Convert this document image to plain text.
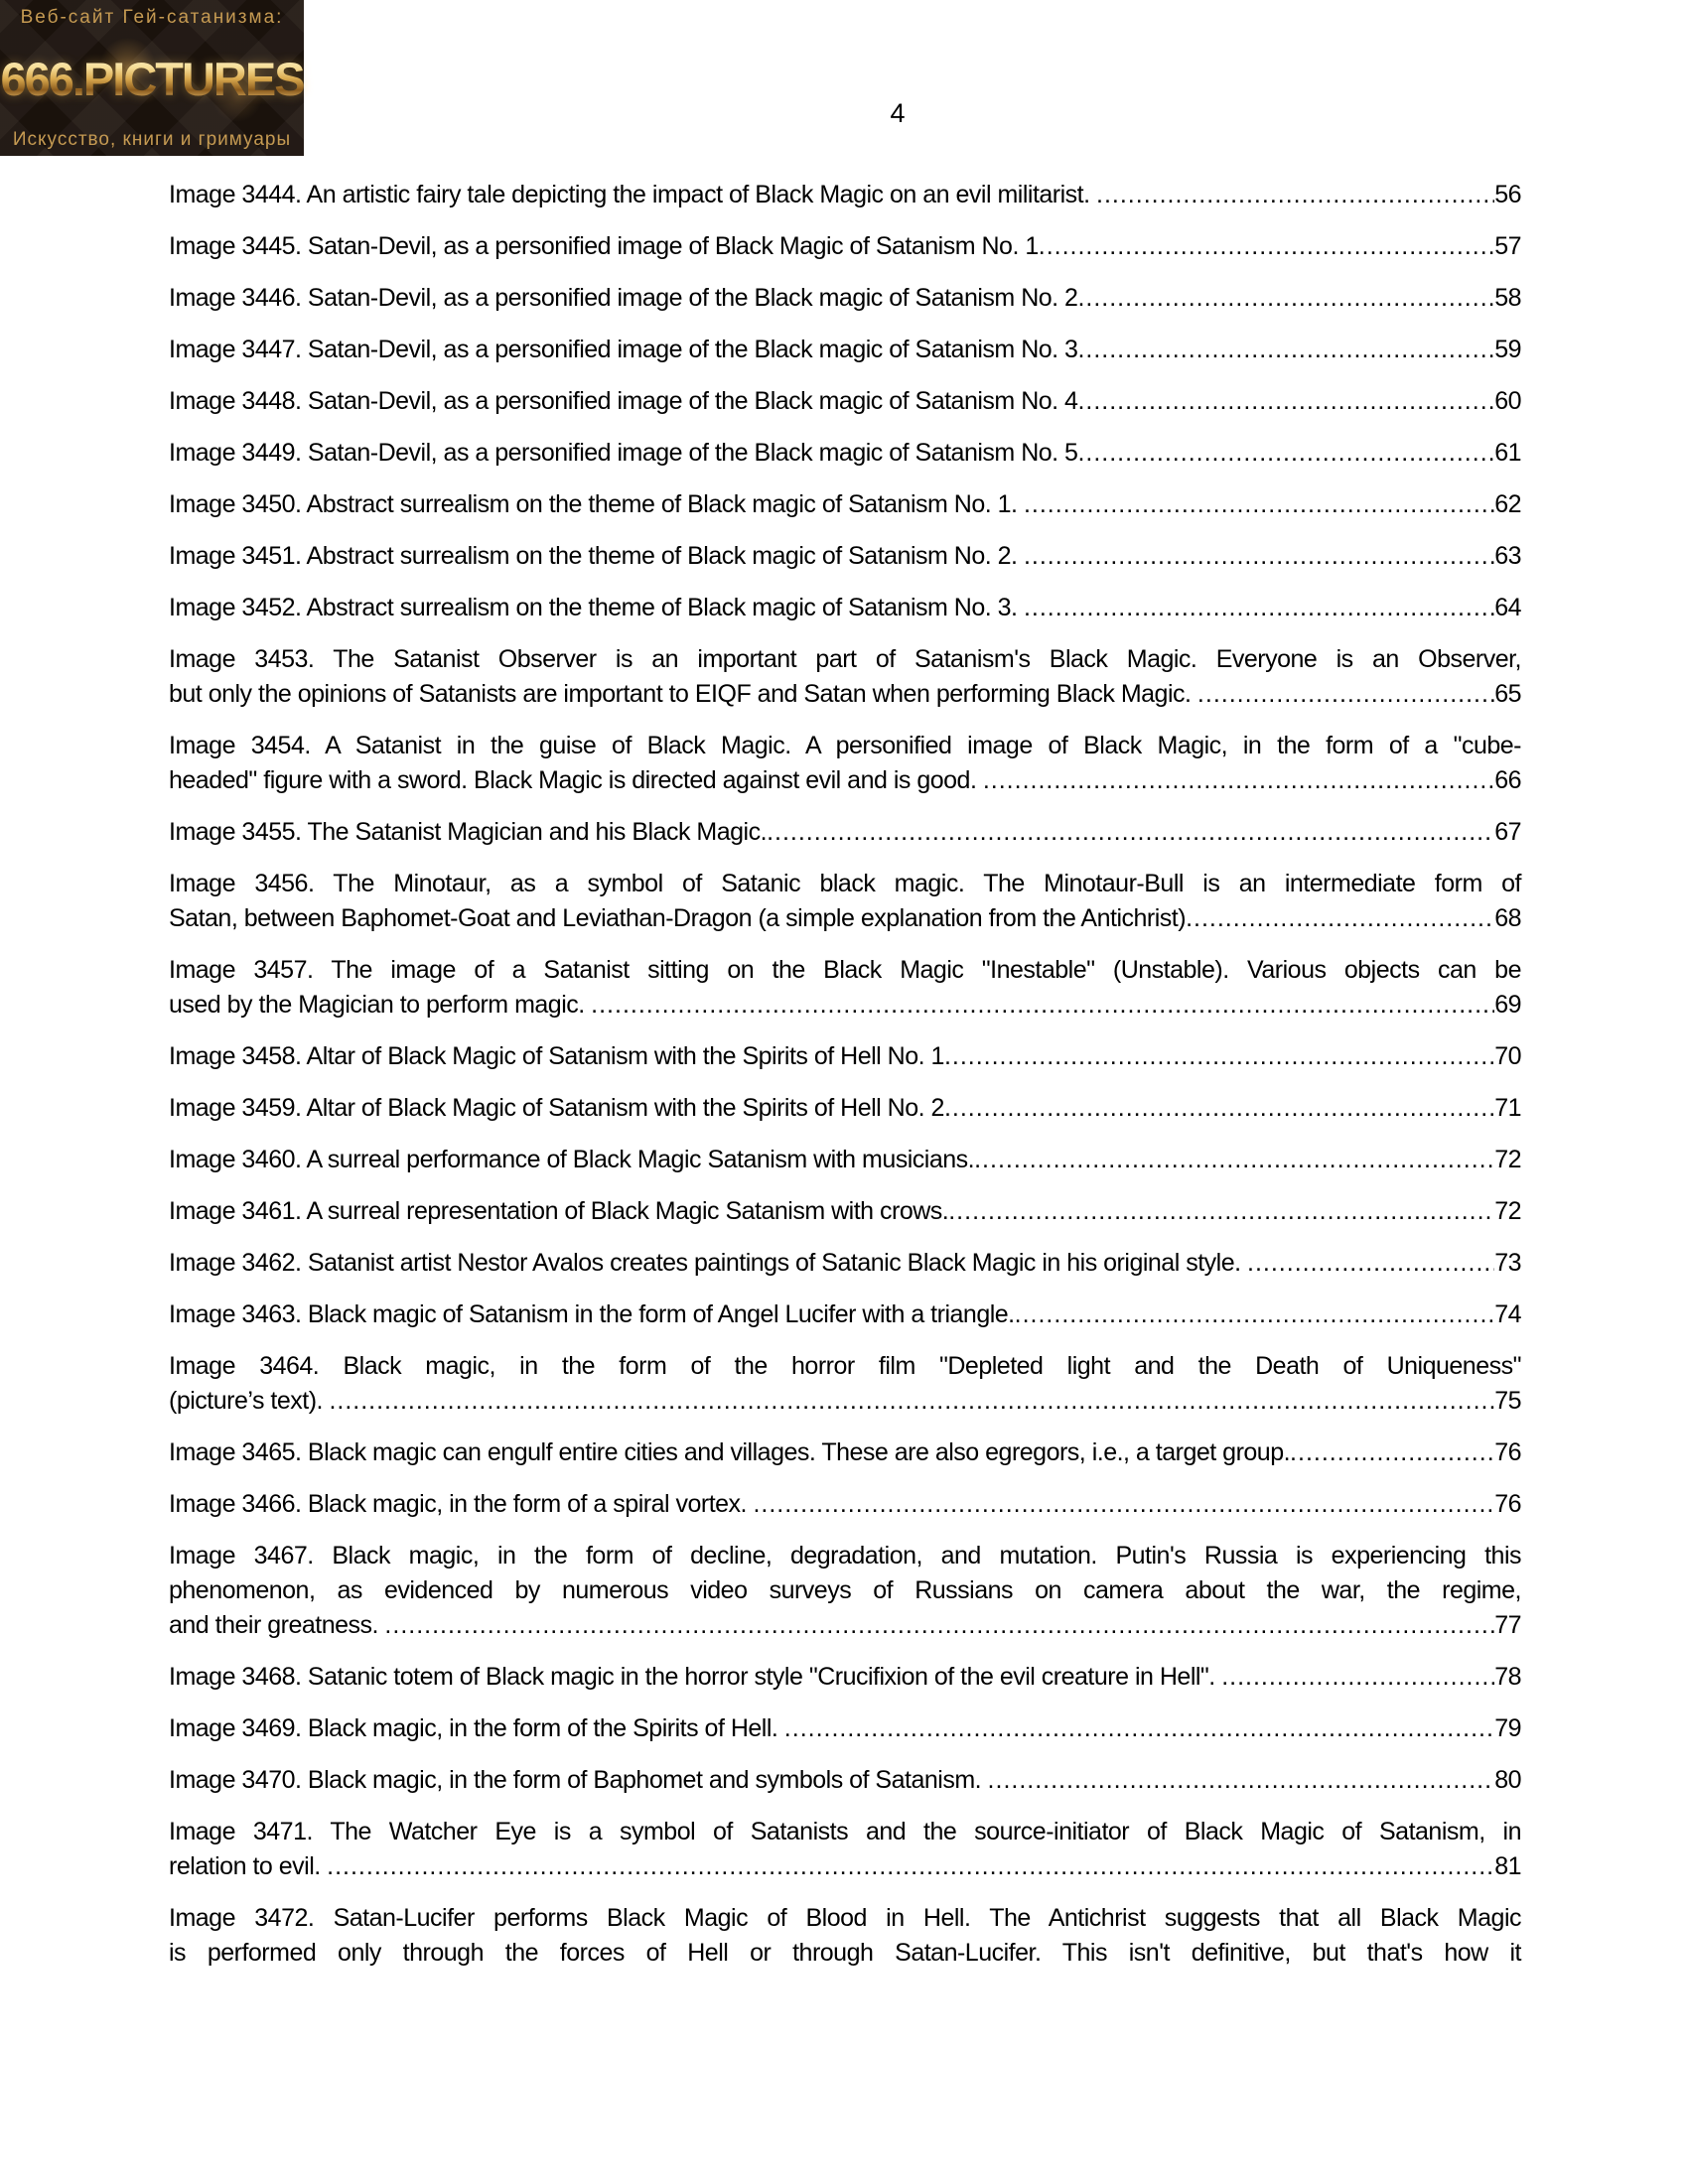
Веб-сайт Гей-сатанизма:
666.PICTURES
Искусство, книги и гримуары
4

Image 3444. An artistic fairy tale depicting the impact of Black Magic on an evil militarist. .....	56

Image 3445. Satan-Devil, as a personified image of Black Magic of Satanism No. 1 .....	57

Image 3446. Satan-Devil, as a personified image of the Black magic of Satanism No. 2 .....	58

Image 3447. Satan-Devil, as a personified image of the Black magic of Satanism No. 3 .....	59

Image 3448. Satan-Devil, as a personified image of the Black magic of Satanism No. 4 .....	60

Image 3449. Satan-Devil, as a personified image of the Black magic of Satanism No. 5 .....	61

Image 3450. Abstract surrealism on the theme of Black magic of Satanism No. 1. .....	62

Image 3451. Abstract surrealism on the theme of Black magic of Satanism No. 2. .....	63

Image 3452. Abstract surrealism on the theme of Black magic of Satanism No. 3. .....	64

Image 3453. The Satanist Observer is an important part of Satanism's Black Magic. Everyone is an Observer,
but only the opinions of Satanists are important to EIQF and Satan when performing Black Magic. .....	65

Image 3454. A Satanist in the guise of Black Magic. A personified image of Black Magic, in the form of a "cube-
headed" figure with a sword. Black Magic is directed against evil and is good. .....	66

Image 3455. The Satanist Magician and his Black Magic. .....	67

Image 3456. The Minotaur, as a symbol of Satanic black magic. The Minotaur-Bull is an intermediate form of
Satan, between Baphomet-Goat and Leviathan-Dragon (a simple explanation from the Antichrist) .....	68

Image 3457. The image of a Satanist sitting on the Black Magic "Inestable" (Unstable). Various objects can be
used by the Magician to perform magic. .....	69

Image 3458. Altar of Black Magic of Satanism with the Spirits of Hell No. 1 .....	70

Image 3459. Altar of Black Magic of Satanism with the Spirits of Hell No. 2 .....	71

Image 3460. A surreal performance of Black Magic Satanism with musicians. .....	72

Image 3461. A surreal representation of Black Magic Satanism with crows. .....	72

Image 3462. Satanist artist Nestor Avalos creates paintings of Satanic Black Magic in his original style. .....	73

Image 3463. Black magic of Satanism in the form of Angel Lucifer with a triangle. .....	74

Image 3464. Black magic, in the form of the horror film "Depleted light and the Death of Uniqueness"
(picture’s text). .....	75

Image 3465. Black magic can engulf entire cities and villages. These are also egregors, i.e., a target group. .....	76

Image 3466. Black magic, in the form of a spiral vortex. .....	76

Image 3467. Black magic, in the form of decline, degradation, and mutation. Putin's Russia is experiencing this
phenomenon, as evidenced by numerous video surveys of Russians on camera about the war, the regime,
and their greatness. .....	77

Image 3468. Satanic totem of Black magic in the horror style "Crucifixion of the evil creature in Hell". .....	78

Image 3469. Black magic, in the form of the Spirits of Hell. .....	79

Image 3470. Black magic, in the form of Baphomet and symbols of Satanism. .....	80

Image 3471. The Watcher Eye is a symbol of Satanists and the source-initiator of Black Magic of Satanism, in
relation to evil. .....	81

Image 3472. Satan-Lucifer performs Black Magic of Blood in Hell. The Antichrist suggests that all Black Magic
is performed only through the forces of Hell or through Satan-Lucifer. This isn't definitive, but that's how it
